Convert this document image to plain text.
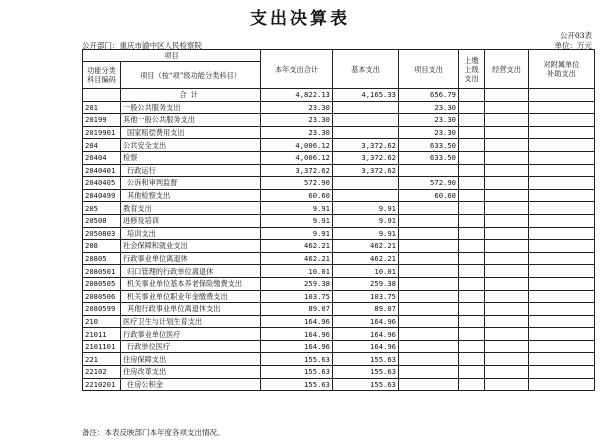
支出决算表
公开03表
公开部门：重庆市渝中区人民检察院	单位：万元
项目		本年支出合计	基本支出	项目支出	上缴上级支出	经营支出	对附属单位补助支出
功能分类科目编码	项目（按“项”级功能分类科目）						
	合计	4,822.13	4,165.33	656.79			
201	一般公共服务支出	23.30		23.30			
20199	其他一般公共服务支出	23.30		23.30			
2019901	国家赔偿费用支出	23.30		23.30			
204	公共安全支出	4,006.12	3,372.62	633.50			
20404	检察	4,006.12	3,372.62	633.50			
2040401	行政运行	3,372.62	3,372.62				
2040405	公诉和审判监督	572.90		572.90			
2040499	其他检察支出	60.60		60.60			
205	教育支出	9.91	9.91				
20508	进修及培训	9.91	9.91				
2050803	培训支出	9.91	9.91				
208	社会保障和就业支出	462.21	462.21				
20805	行政事业单位离退休	462.21	462.21				
2080501	归口管理的行政单位离退休	10.01	10.01				
2080505	机关事业单位基本养老保险缴费支出	259.38	259.38				
2080506	机关事业单位职业年金缴费支出	103.75	103.75				
2080599	其他行政事业单位离退休支出	89.07	89.07				
210	医疗卫生与计划生育支出	164.96	164.96				
21011	行政事业单位医疗	164.96	164.96				
2101101	行政单位医疗	164.96	164.96				
221	住房保障支出	155.63	155.63				
22102	住房改革支出	155.63	155.63				
2210201	住房公积金	155.63	155.63				
备注：本表反映部门本年度各项支出情况。
